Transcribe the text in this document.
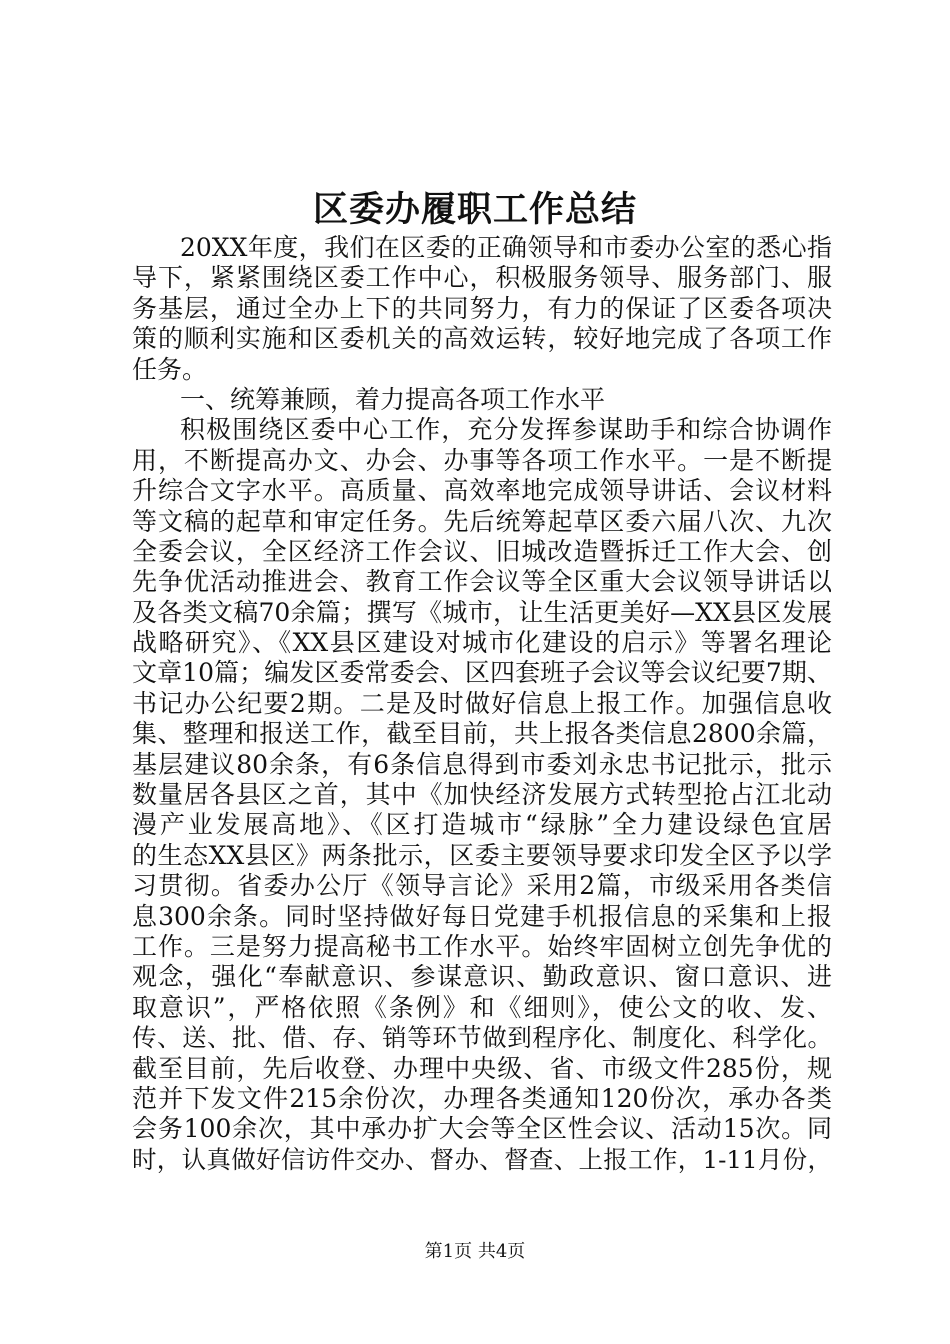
区委办履职工作总结
20XX年度，我们在区委的正确领导和市委办公室的悉心指
导下，紧紧围绕区委工作中心，积极服务领导、服务部门、服
务基层，通过全办上下的共同努力，有力的保证了区委各项决
策的顺利实施和区委机关的高效运转，较好地完成了各项工作
任务。
一、统筹兼顾，着力提高各项工作水平
积极围绕区委中心工作，充分发挥参谋助手和综合协调作
用，不断提高办文、办会、办事等各项工作水平。一是不断提
升综合文字水平。高质量、高效率地完成领导讲话、会议材料
等文稿的起草和审定任务。先后统筹起草区委六届八次、九次
全委会议，全区经济工作会议、旧城改造暨拆迁工作大会、创
先争优活动推进会、教育工作会议等全区重大会议领导讲话以
及各类文稿70余篇；撰写《城市，让生活更美好—XX县区发展
战略研究》、《XX县区建设对城市化建设的启示》等署名理论
文章10篇；编发区委常委会、区四套班子会议等会议纪要7期、
书记办公纪要2期。二是及时做好信息上报工作。加强信息收
集、整理和报送工作，截至目前，共上报各类信息2800余篇，
基层建议80余条，有6条信息得到市委刘永忠书记批示，批示
数量居各县区之首，其中《加快经济发展方式转型抢占江北动
漫产业发展高地》、《区打造城市“绿脉”全力建设绿色宜居
的生态XX县区》两条批示，区委主要领导要求印发全区予以学
习贯彻。省委办公厅《领导言论》采用2篇，市级采用各类信
息300余条。同时坚持做好每日党建手机报信息的采集和上报
工作。三是努力提高秘书工作水平。始终牢固树立创先争优的
观念，强化“奉献意识、参谋意识、勤政意识、窗口意识、进
取意识”，严格依照《条例》和《细则》，使公文的收、发、
传、送、批、借、存、销等环节做到程序化、制度化、科学化。
截至目前，先后收登、办理中央级、省、市级文件285份，规
范并下发文件215余份次，办理各类通知120份次，承办各类
会务100余次，其中承办扩大会等全区性会议、活动15次。同
时，认真做好信访件交办、督办、督查、上报工作，1-11月份，
第1页 共4页
